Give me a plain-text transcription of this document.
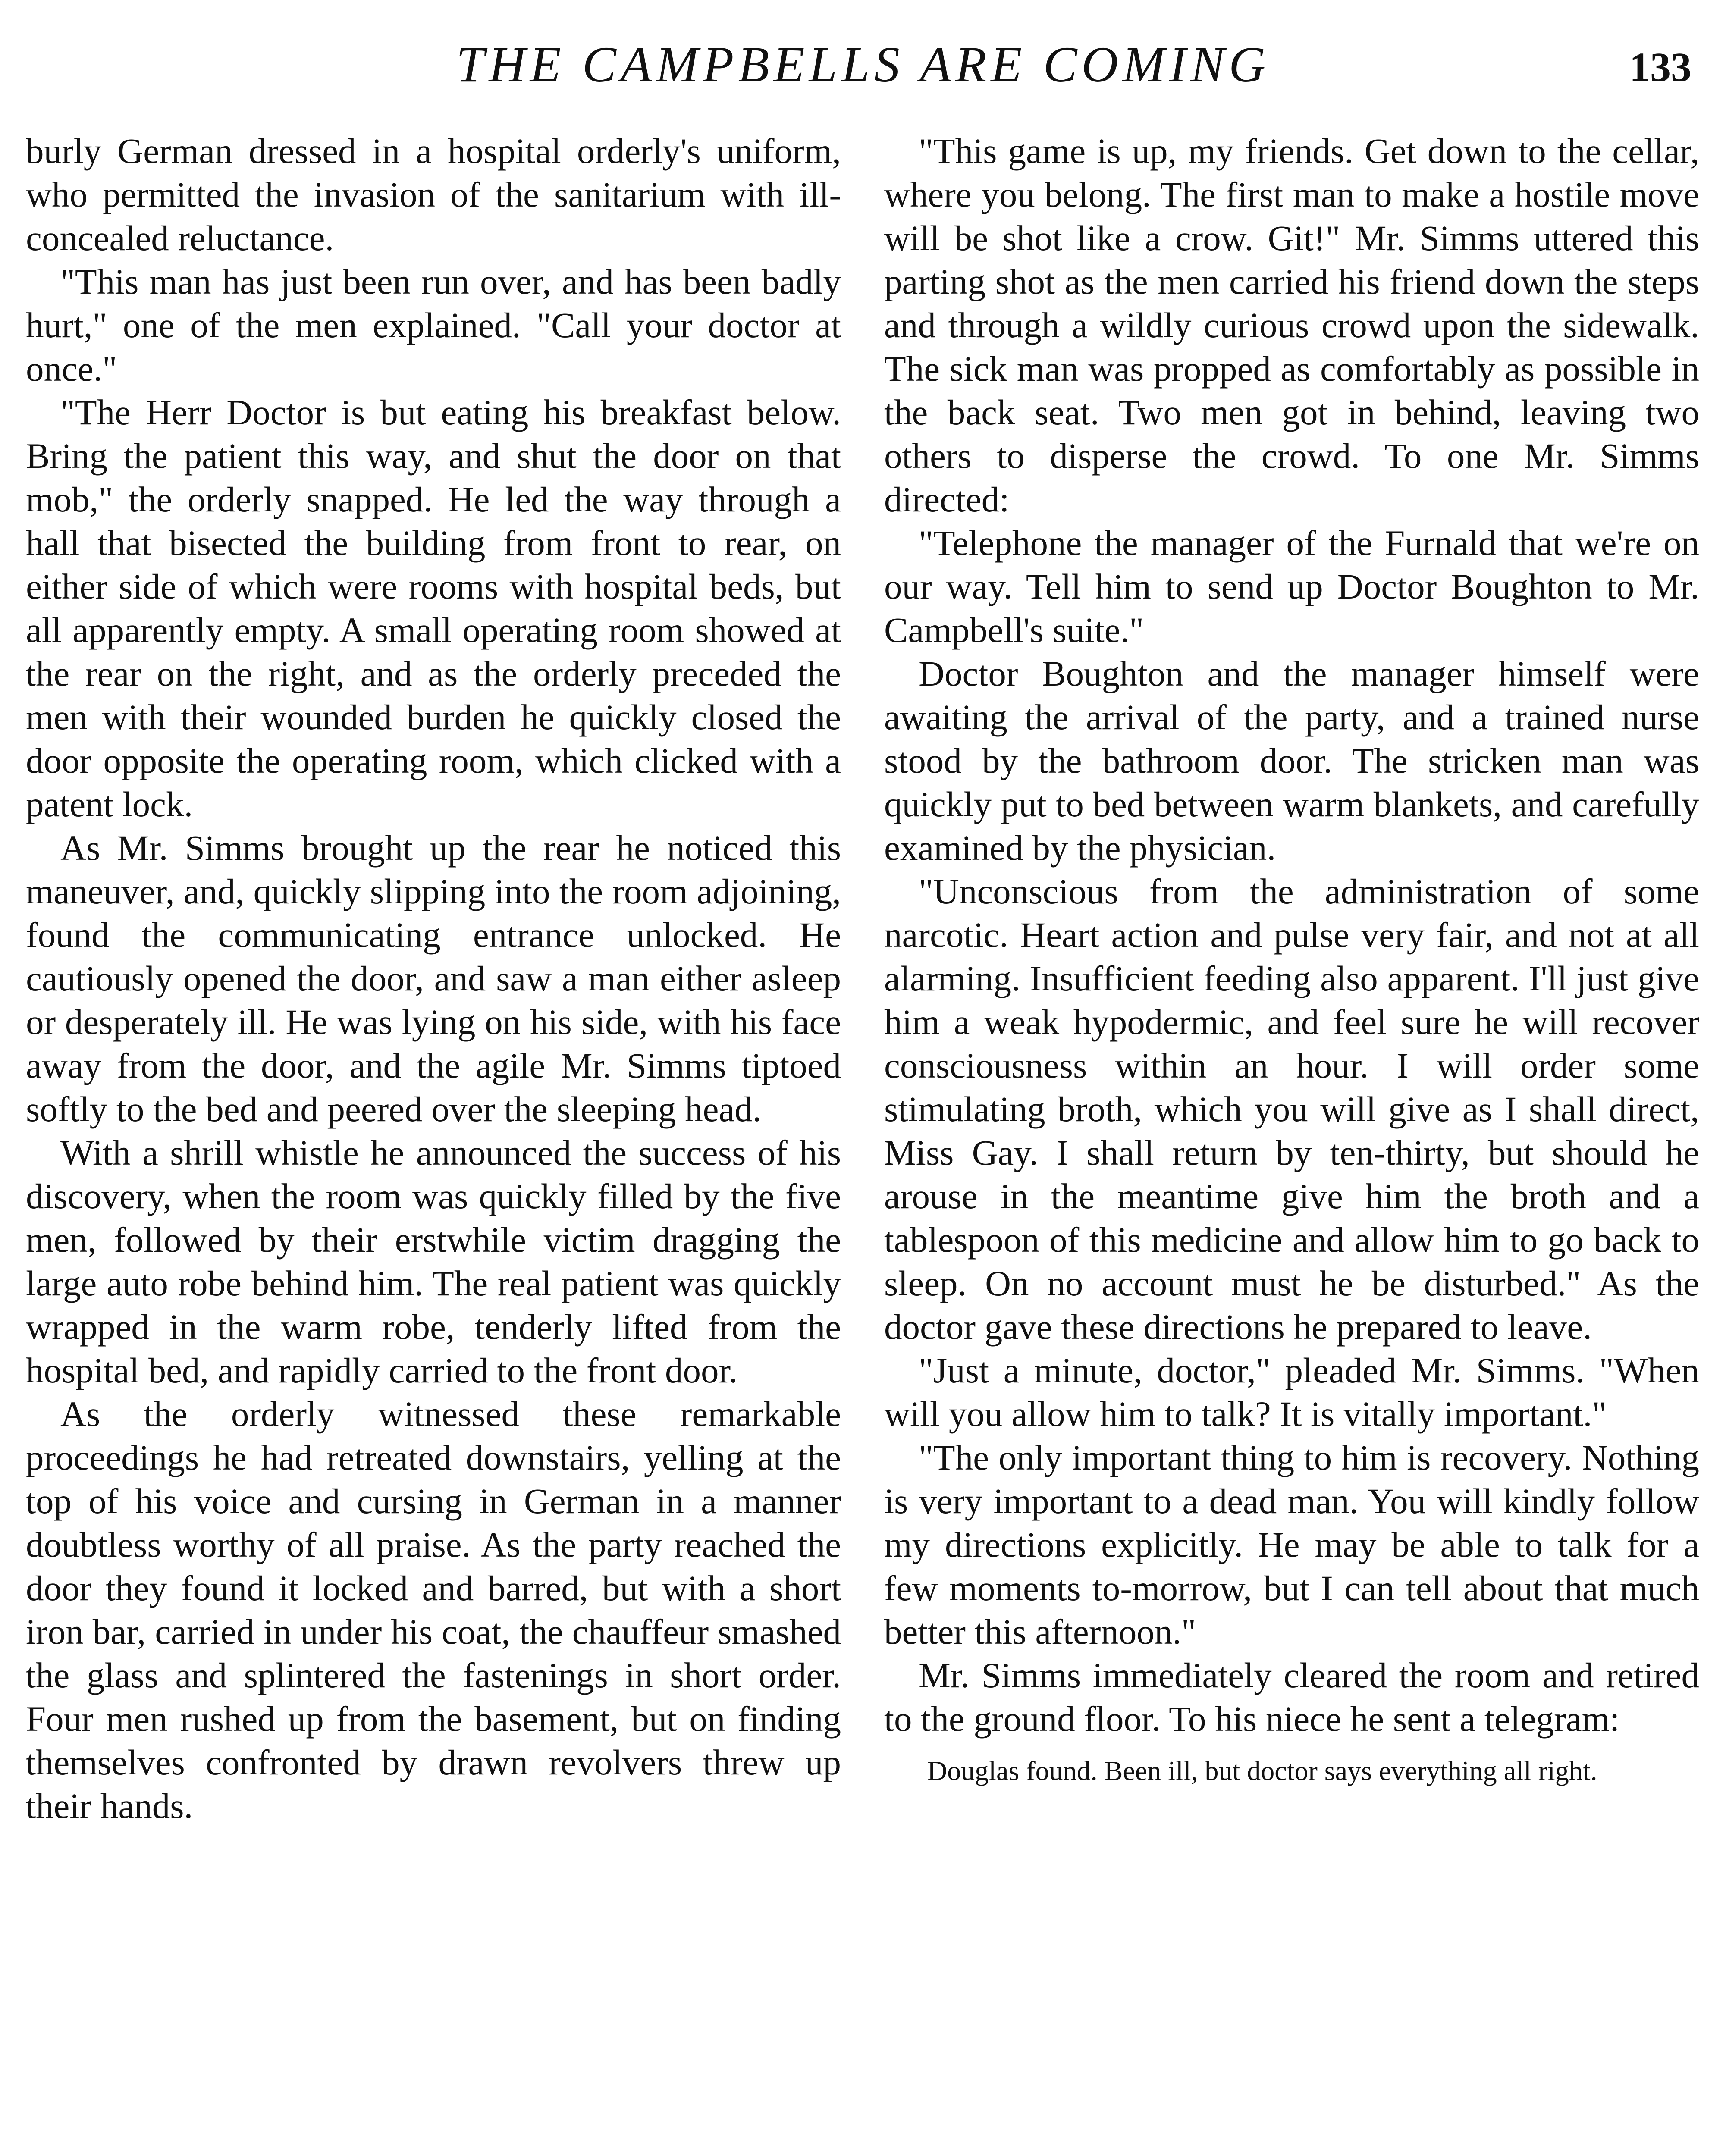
THE CAMPBELLS ARE COMING	133

burly German dressed in a hospital orderly's uniform, who permitted the invasion of the sanitarium with ill-concealed reluctance.

"This man has just been run over, and has been badly hurt," one of the men explained. "Call your doctor at once."

"The Herr Doctor is but eating his breakfast below. Bring the patient this way, and shut the door on that mob," the orderly snapped. He led the way through a hall that bisected the building from front to rear, on either side of which were rooms with hospital beds, but all apparently empty. A small operating room showed at the rear on the right, and as the orderly preceded the men with their wounded burden he quickly closed the door opposite the operating room, which clicked with a patent lock.

As Mr. Simms brought up the rear he noticed this maneuver, and, quickly slipping into the room adjoining, found the communicating entrance unlocked. He cautiously opened the door, and saw a man either asleep or desperately ill. He was lying on his side, with his face away from the door, and the agile Mr. Simms tiptoed softly to the bed and peered over the sleeping head.

With a shrill whistle he announced the success of his discovery, when the room was quickly filled by the five men, followed by their erstwhile victim dragging the large auto robe behind him. The real patient was quickly wrapped in the warm robe, tenderly lifted from the hospital bed, and rapidly carried to the front door.

As the orderly witnessed these remarkable proceedings he had retreated downstairs, yelling at the top of his voice and cursing in German in a manner doubtless worthy of all praise. As the party reached the door they found it locked and barred, but with a short iron bar, carried in under his coat, the chauffeur smashed the glass and splintered the fastenings in short order. Four men rushed up from the basement, but on finding themselves confronted by drawn revolvers threw up their hands.

"This game is up, my friends. Get down to the cellar, where you belong. The first man to make a hostile move will be shot like a crow. Git!" Mr. Simms uttered this parting shot as the men carried his friend down the steps and through a wildly curious crowd upon the sidewalk. The sick man was propped as comfortably as possible in the back seat. Two men got in behind, leaving two others to disperse the crowd. To one Mr. Simms directed:

"Telephone the manager of the Furnald that we're on our way. Tell him to send up Doctor Boughton to Mr. Campbell's suite."

Doctor Boughton and the manager himself were awaiting the arrival of the party, and a trained nurse stood by the bathroom door. The stricken man was quickly put to bed between warm blankets, and carefully examined by the physician.

"Unconscious from the administration of some narcotic. Heart action and pulse very fair, and not at all alarming. Insufficient feeding also apparent. I'll just give him a weak hypodermic, and feel sure he will recover consciousness within an hour. I will order some stimulating broth, which you will give as I shall direct, Miss Gay. I shall return by ten-thirty, but should he arouse in the meantime give him the broth and a tablespoon of this medicine and allow him to go back to sleep. On no account must he be disturbed." As the doctor gave these directions he prepared to leave.

"Just a minute, doctor," pleaded Mr. Simms. "When will you allow him to talk? It is vitally important."

"The only important thing to him is recovery. Nothing is very important to a dead man. You will kindly follow my directions explicitly. He may be able to talk for a few moments to-morrow, but I can tell about that much better this afternoon."

Mr. Simms immediately cleared the room and retired to the ground floor. To his niece he sent a telegram:

Douglas found. Been ill, but doctor says everything all right.
